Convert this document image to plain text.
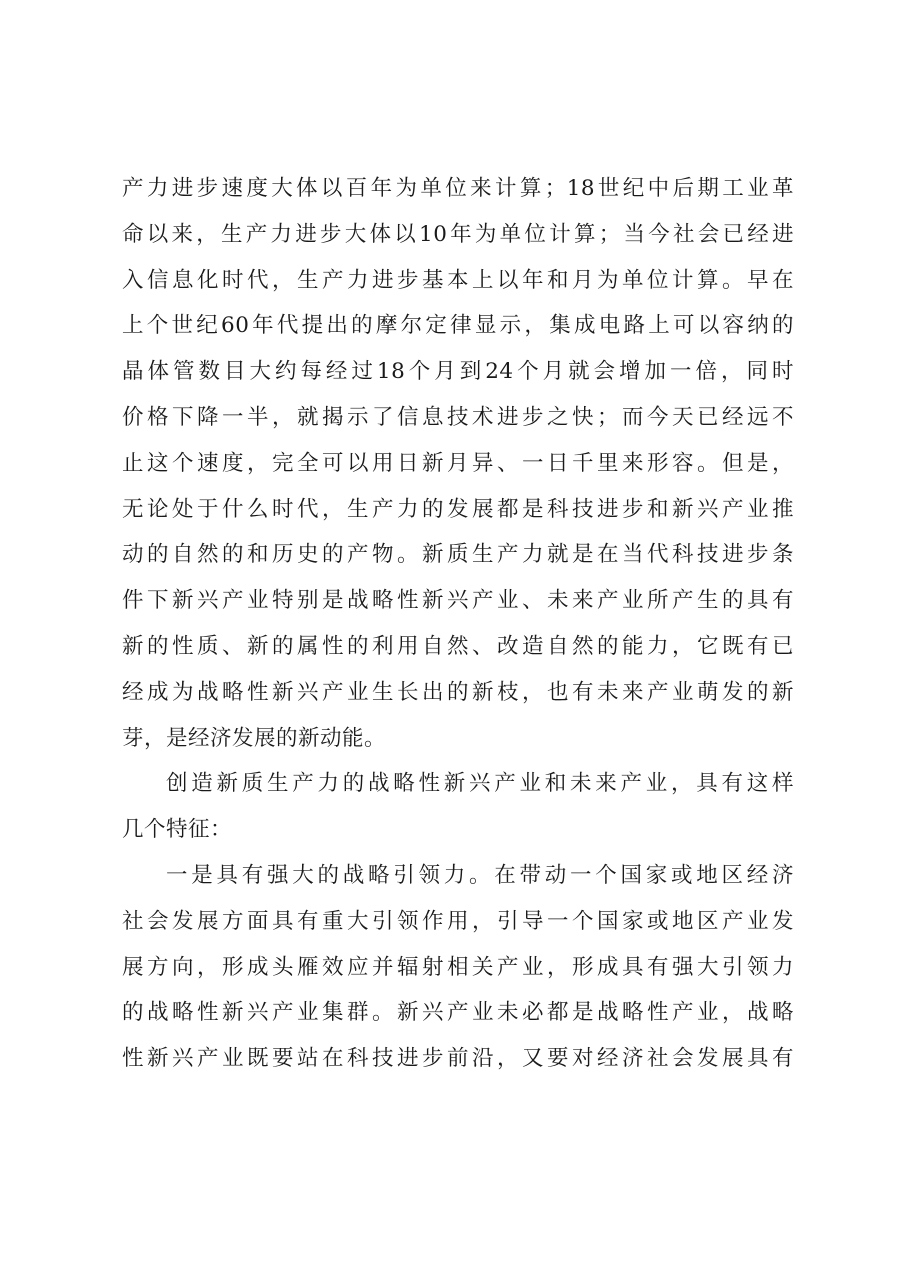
产力进步速度大体以百年为单位来计算；18世纪中后期工业革
命以来，生产力进步大体以10年为单位计算；当今社会已经进
入信息化时代，生产力进步基本上以年和月为单位计算。早在
上个世纪60年代提出的摩尔定律显示，集成电路上可以容纳的
晶体管数目大约每经过18个月到24个月就会增加一倍，同时
价格下降一半，就揭示了信息技术进步之快；而今天已经远不
止这个速度，完全可以用日新月异、一日千里来形容。但是，
无论处于什么时代，生产力的发展都是科技进步和新兴产业推
动的自然的和历史的产物。新质生产力就是在当代科技进步条
件下新兴产业特别是战略性新兴产业、未来产业所产生的具有
新的性质、新的属性的利用自然、改造自然的能力，它既有已
经成为战略性新兴产业生长出的新枝，也有未来产业萌发的新
芽，是经济发展的新动能。
创造新质生产力的战略性新兴产业和未来产业，具有这样
几个特征：
一是具有强大的战略引领力。在带动一个国家或地区经济
社会发展方面具有重大引领作用，引导一个国家或地区产业发
展方向，形成头雁效应并辐射相关产业，形成具有强大引领力
的战略性新兴产业集群。新兴产业未必都是战略性产业，战略
性新兴产业既要站在科技进步前沿，又要对经济社会发展具有
